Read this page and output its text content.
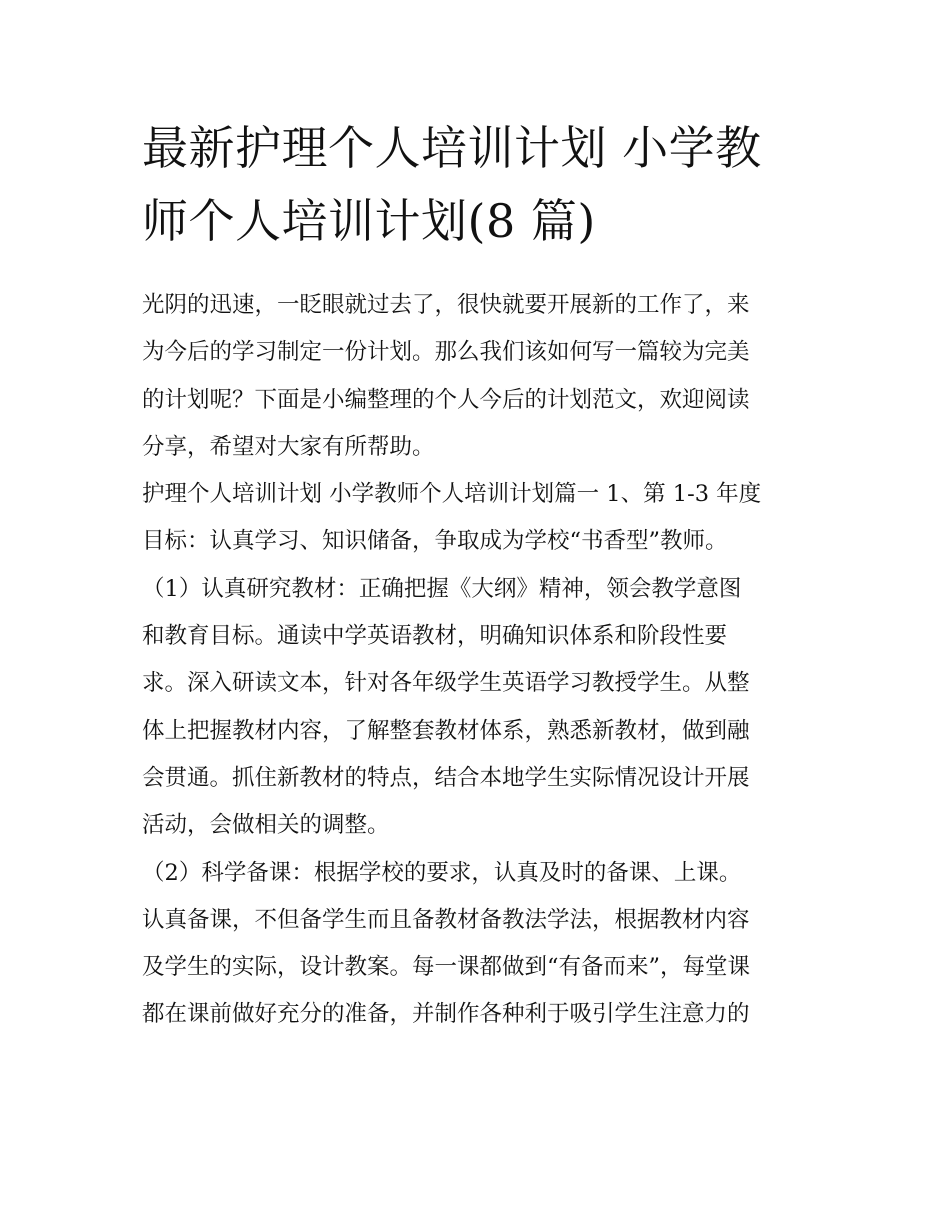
最新护理个人培训计划 小学教
师个人培训计划(8 篇)
光阴的迅速，一眨眼就过去了，很快就要开展新的工作了，来
为今后的学习制定一份计划。那么我们该如何写一篇较为完美
的计划呢？下面是小编整理的个人今后的计划范文，欢迎阅读
分享，希望对大家有所帮助。
护理个人培训计划 小学教师个人培训计划篇一 1、第 1-3 年度
目标：认真学习、知识储备，争取成为学校“书香型”教师。
（1）认真研究教材：正确把握《大纲》精神，领会教学意图
和教育目标。通读中学英语教材，明确知识体系和阶段性要
求。深入研读文本，针对各年级学生英语学习教授学生。从整
体上把握教材内容，了解整套教材体系，熟悉新教材，做到融
会贯通。抓住新教材的特点，结合本地学生实际情况设计开展
活动，会做相关的调整。
（2）科学备课：根据学校的要求，认真及时的备课、上课。
认真备课，不但备学生而且备教材备教法学法，根据教材内容
及学生的实际，设计教案。每一课都做到“有备而来”，每堂课
都在课前做好充分的准备，并制作各种利于吸引学生注意力的
